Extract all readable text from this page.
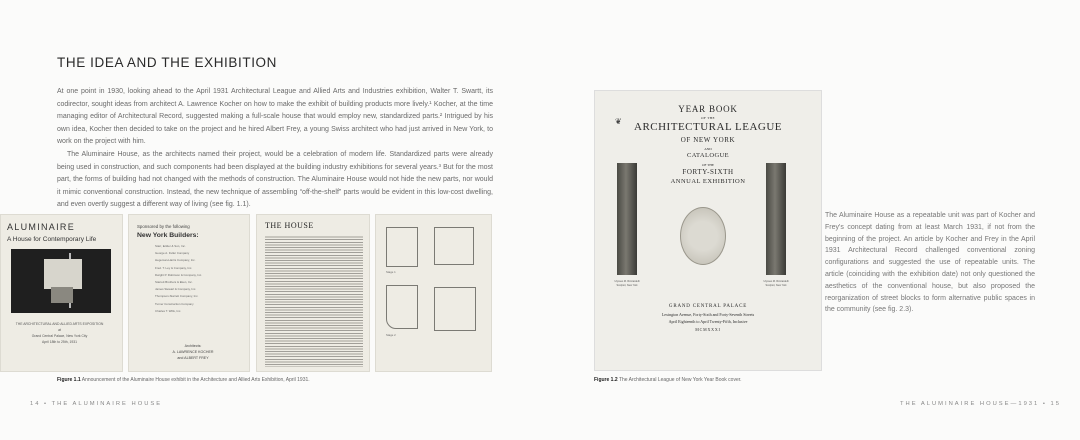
THE IDEA AND THE EXHIBITION

At one point in 1930, looking ahead to the April 1931 Architectural League and Allied Arts and Industries exhibition, Walter T. Swartt, its codirector, sought ideas from architect A. Lawrence Kocher on how to make the exhibit of building products more lively.¹ Kocher, at the time managing editor of Architectural Record, suggested making a full-scale house that would employ new, standardized parts.² Intrigued by his own idea, Kocher then decided to take on the project and he hired Albert Frey, a young Swiss architect who had just arrived in New York, to work on the project with him.

The Aluminaire House, as the architects named their project, would be a celebration of modern life. Standardized parts were already being used in construction, and such components had been displayed at the building industry exhibitions for several years.³ But for the most part, the forms of building had not changed with the methods of construction. The Aluminaire House would not hide the new parts, nor would it mimic conventional construction. Instead, the new technique of assembling “off-the-shelf” parts would be evident in this low-cost dwelling, and even overtly suggest a different way of living (see fig. 1.1).

ALUMINAIRE
A House for Contemporary Life
THE ARCHITECTURAL AND ALLIED ARTS EXPOSITION
at
Grand Central Palace, New York City
April 18th to 25th, 1931
Sponsored by the following
New York Builders:
Starr, Eckler & Son, Inc.
George A. Fuller Company
Hegeman-Harris Company, Inc.
Fred. T. Ley & Company, Inc.
Dwight P. Robinson & Company, Inc.
Starrett Brothers & Eken, Inc.
James Stewart & Company, Inc.
Thompson-Starrett Company, Inc.
Turner Construction Company
Charles T. Wills, Inc.
Architects:
A. LAWRENCE KOCHER
and ALBERT FREY
THE HOUSE
Stage 1
Stage 2
Figure 1.1 Announcement of the Aluminaire House exhibit in the Architecture and Allied Arts Exhibition, April 1931.
14 • THE ALUMINAIRE HOUSE
❦
YEAR BOOK
OF THE
ARCHITECTURAL LEAGUE
OF NEW YORK
AND
CATALOGUE
OF THE
FORTY-SIXTH
ANNUAL EXHIBITION
Ulysses M. Ricciardelli
Sculptor, New York
Ulysses M. Ricciardelli
Sculptor, New York
GRAND CENTRAL PALACE
Lexington Avenue, Forty-Sixth and Forty-Seventh Streets
April Eighteenth to April Twenty-Fifth, Inclusive
MCMXXXI
Figure 1.2 The Architectural League of New York Year Book cover.
The Aluminaire House as a repeatable unit was part of Kocher and Frey's concept dating from at least March 1931, if not from the beginning of the project. An article by Kocher and Frey in the April 1931 Architectural Record challenged conventional zoning configurations and suggested the use of repeatable units. The article (coinciding with the exhibition date) not only questioned the aesthetics of the conventional house, but also proposed the reorganization of street blocks to form alternative public spaces in the community (see fig. 2.3).
THE ALUMINAIRE HOUSE—1931 • 15
